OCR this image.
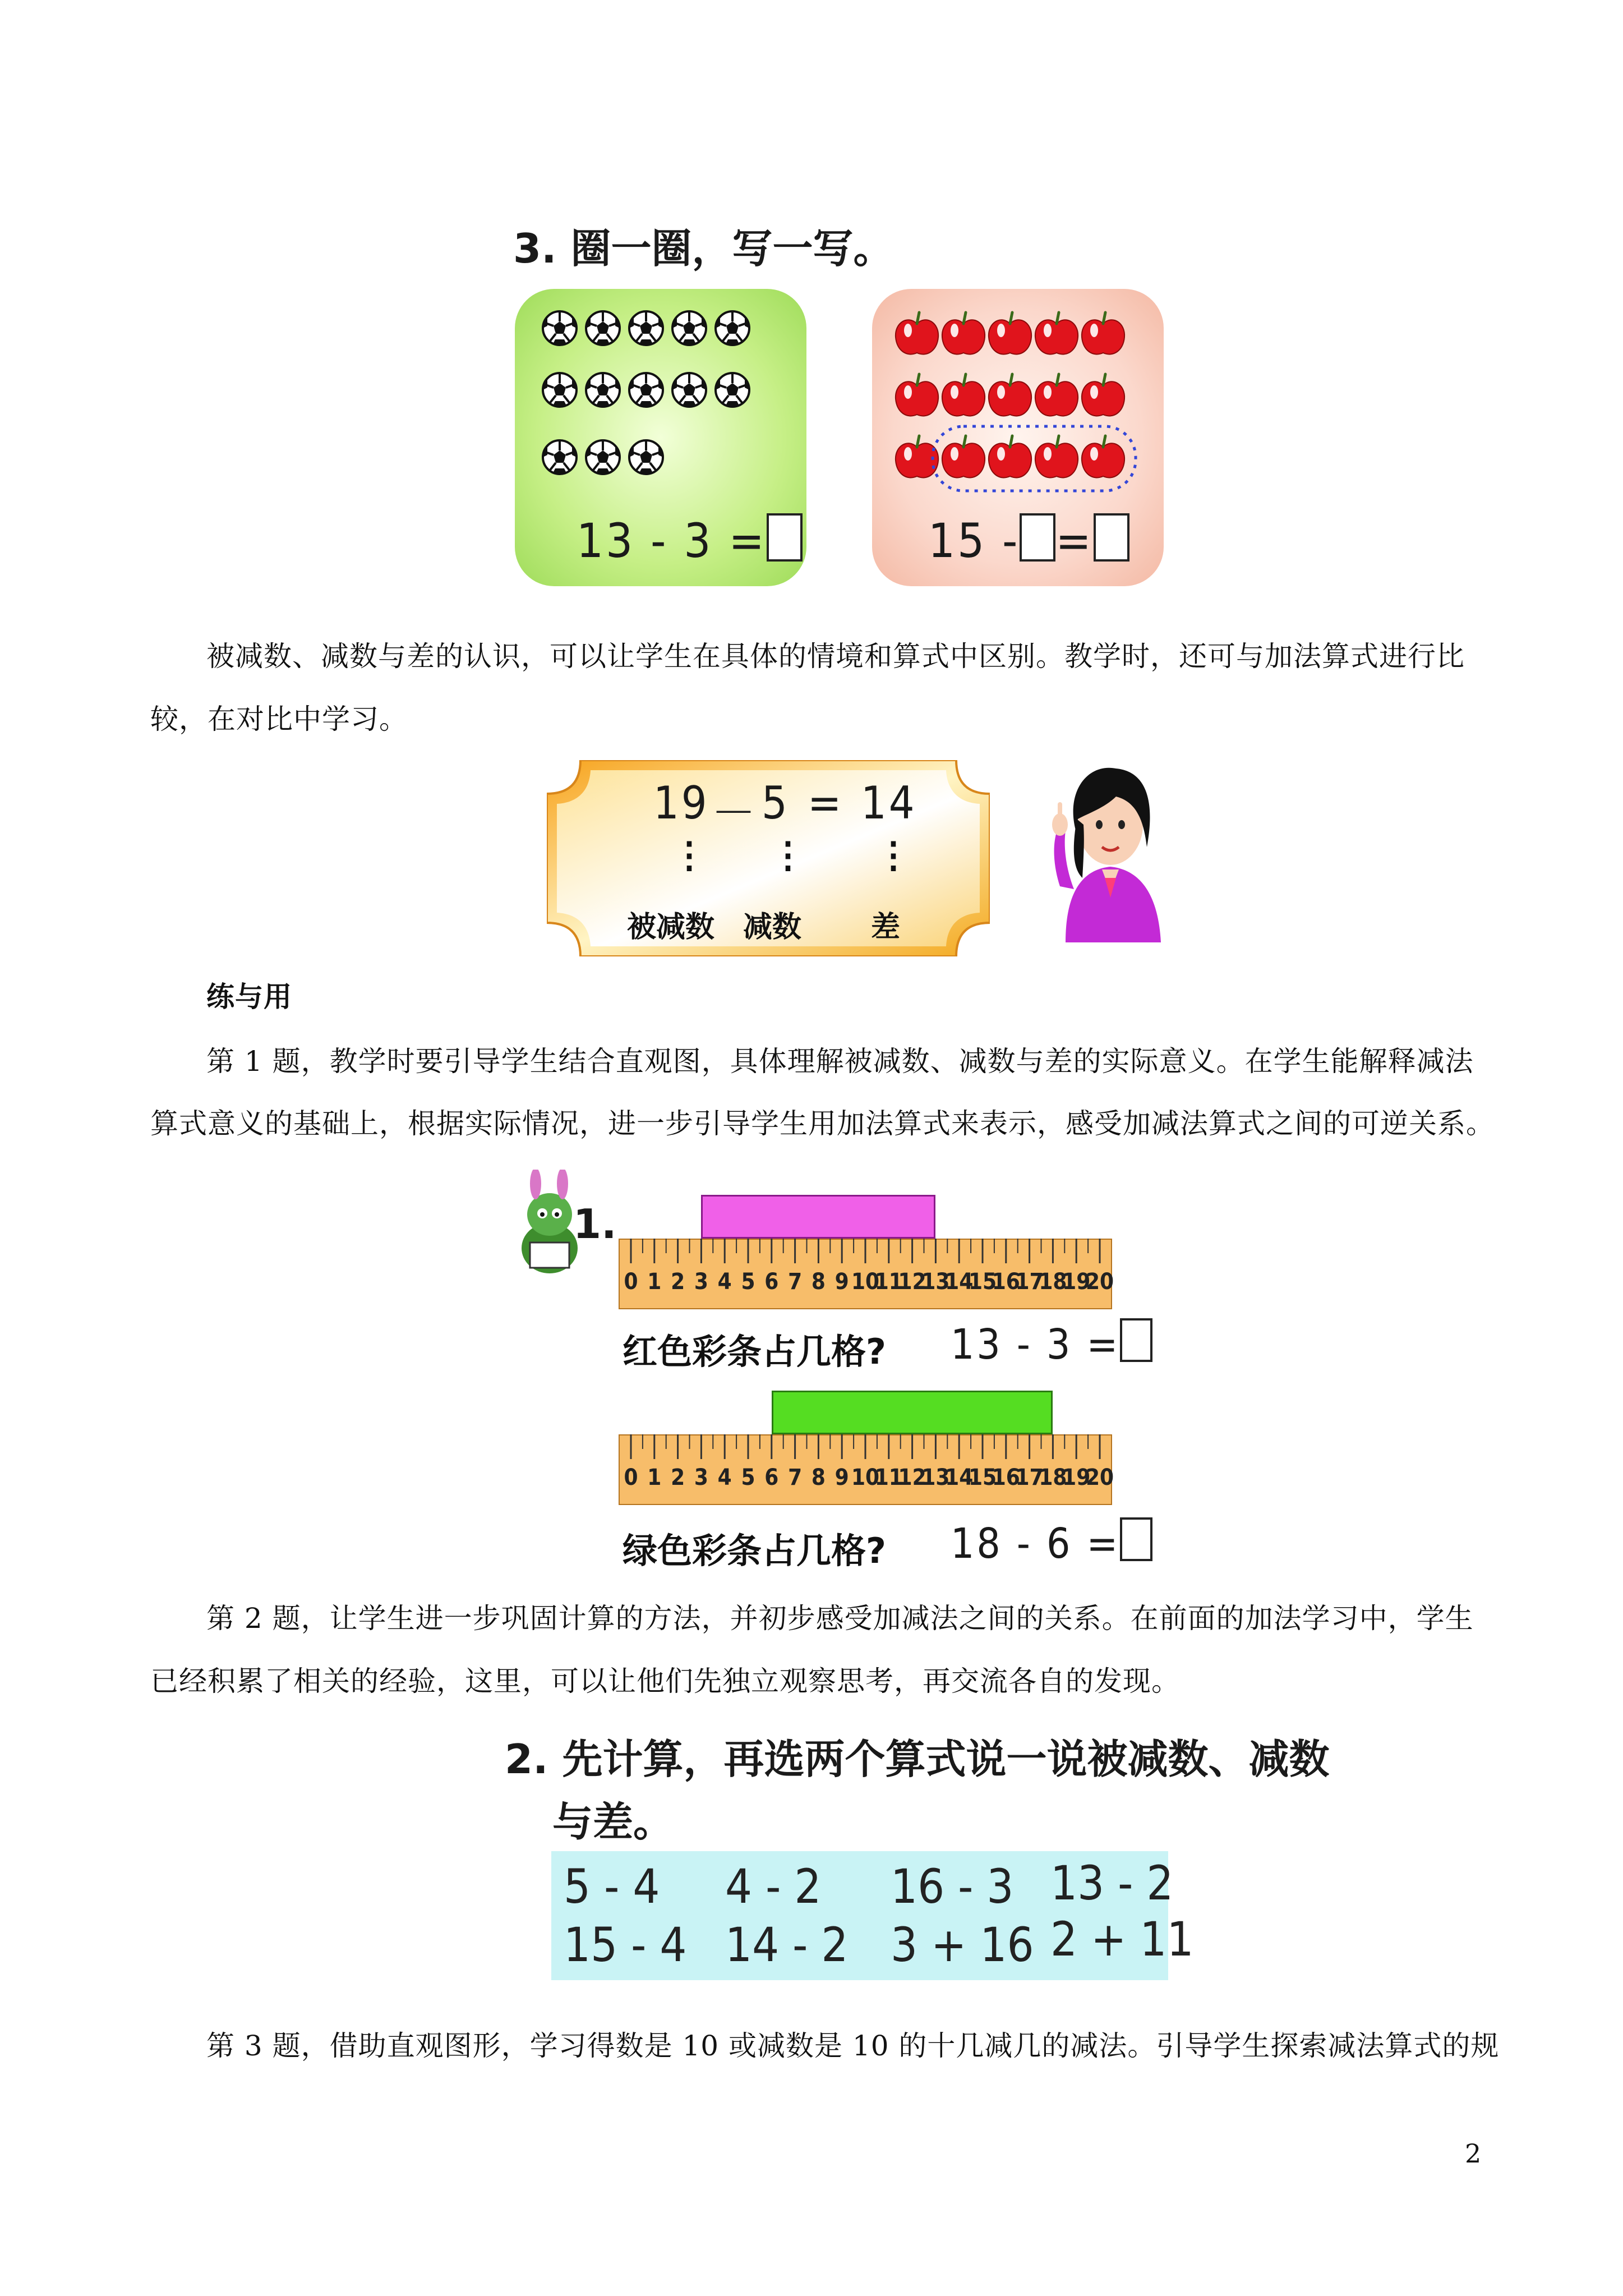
3. 圈一圈，写一写。
13 - 3 =	15 - =
被减数、减数与差的认识，可以让学生在具体的情境和算式中区别。教学时，还可与加法算式进行比
较，在对比中学习。
19 － 5 = 14
⋮ ⋮ ⋮
被减数 减数 差
练与用
第 1 题，教学时要引导学生结合直观图，具体理解被减数、减数与差的实际意义。在学生能解释减法
算式意义的基础上，根据实际情况，进一步引导学生用加法算式来表示，感受加减法算式之间的可逆关系。
1.
0 1 2 3 4 5 6 7 8 9 10
11
12
13
14
15
16
17
18
19
20
红色彩条占几格? 13 - 3 =
0 1 2 3 4 5 6 7 8 9 10
11
12
13
14
15
16
17
18
19
20
绿色彩条占几格? 18 - 6 =
第 2 题，让学生进一步巩固计算的方法，并初步感受加减法之间的关系。在前面的加法学习中，学生
已经积累了相关的经验，这里，可以让他们先独立观察思考，再交流各自的发现。
2. 先计算，再选两个算式说一说被减数、减数
与差。
5 - 4 4 - 2 16 - 3 13 - 2
15 - 4 14 - 2 3 + 16 2 + 11
第 3 题，借助直观图形，学习得数是 10 或减数是 10 的十几减几的减法。引导学生探索减法算式的规
2
